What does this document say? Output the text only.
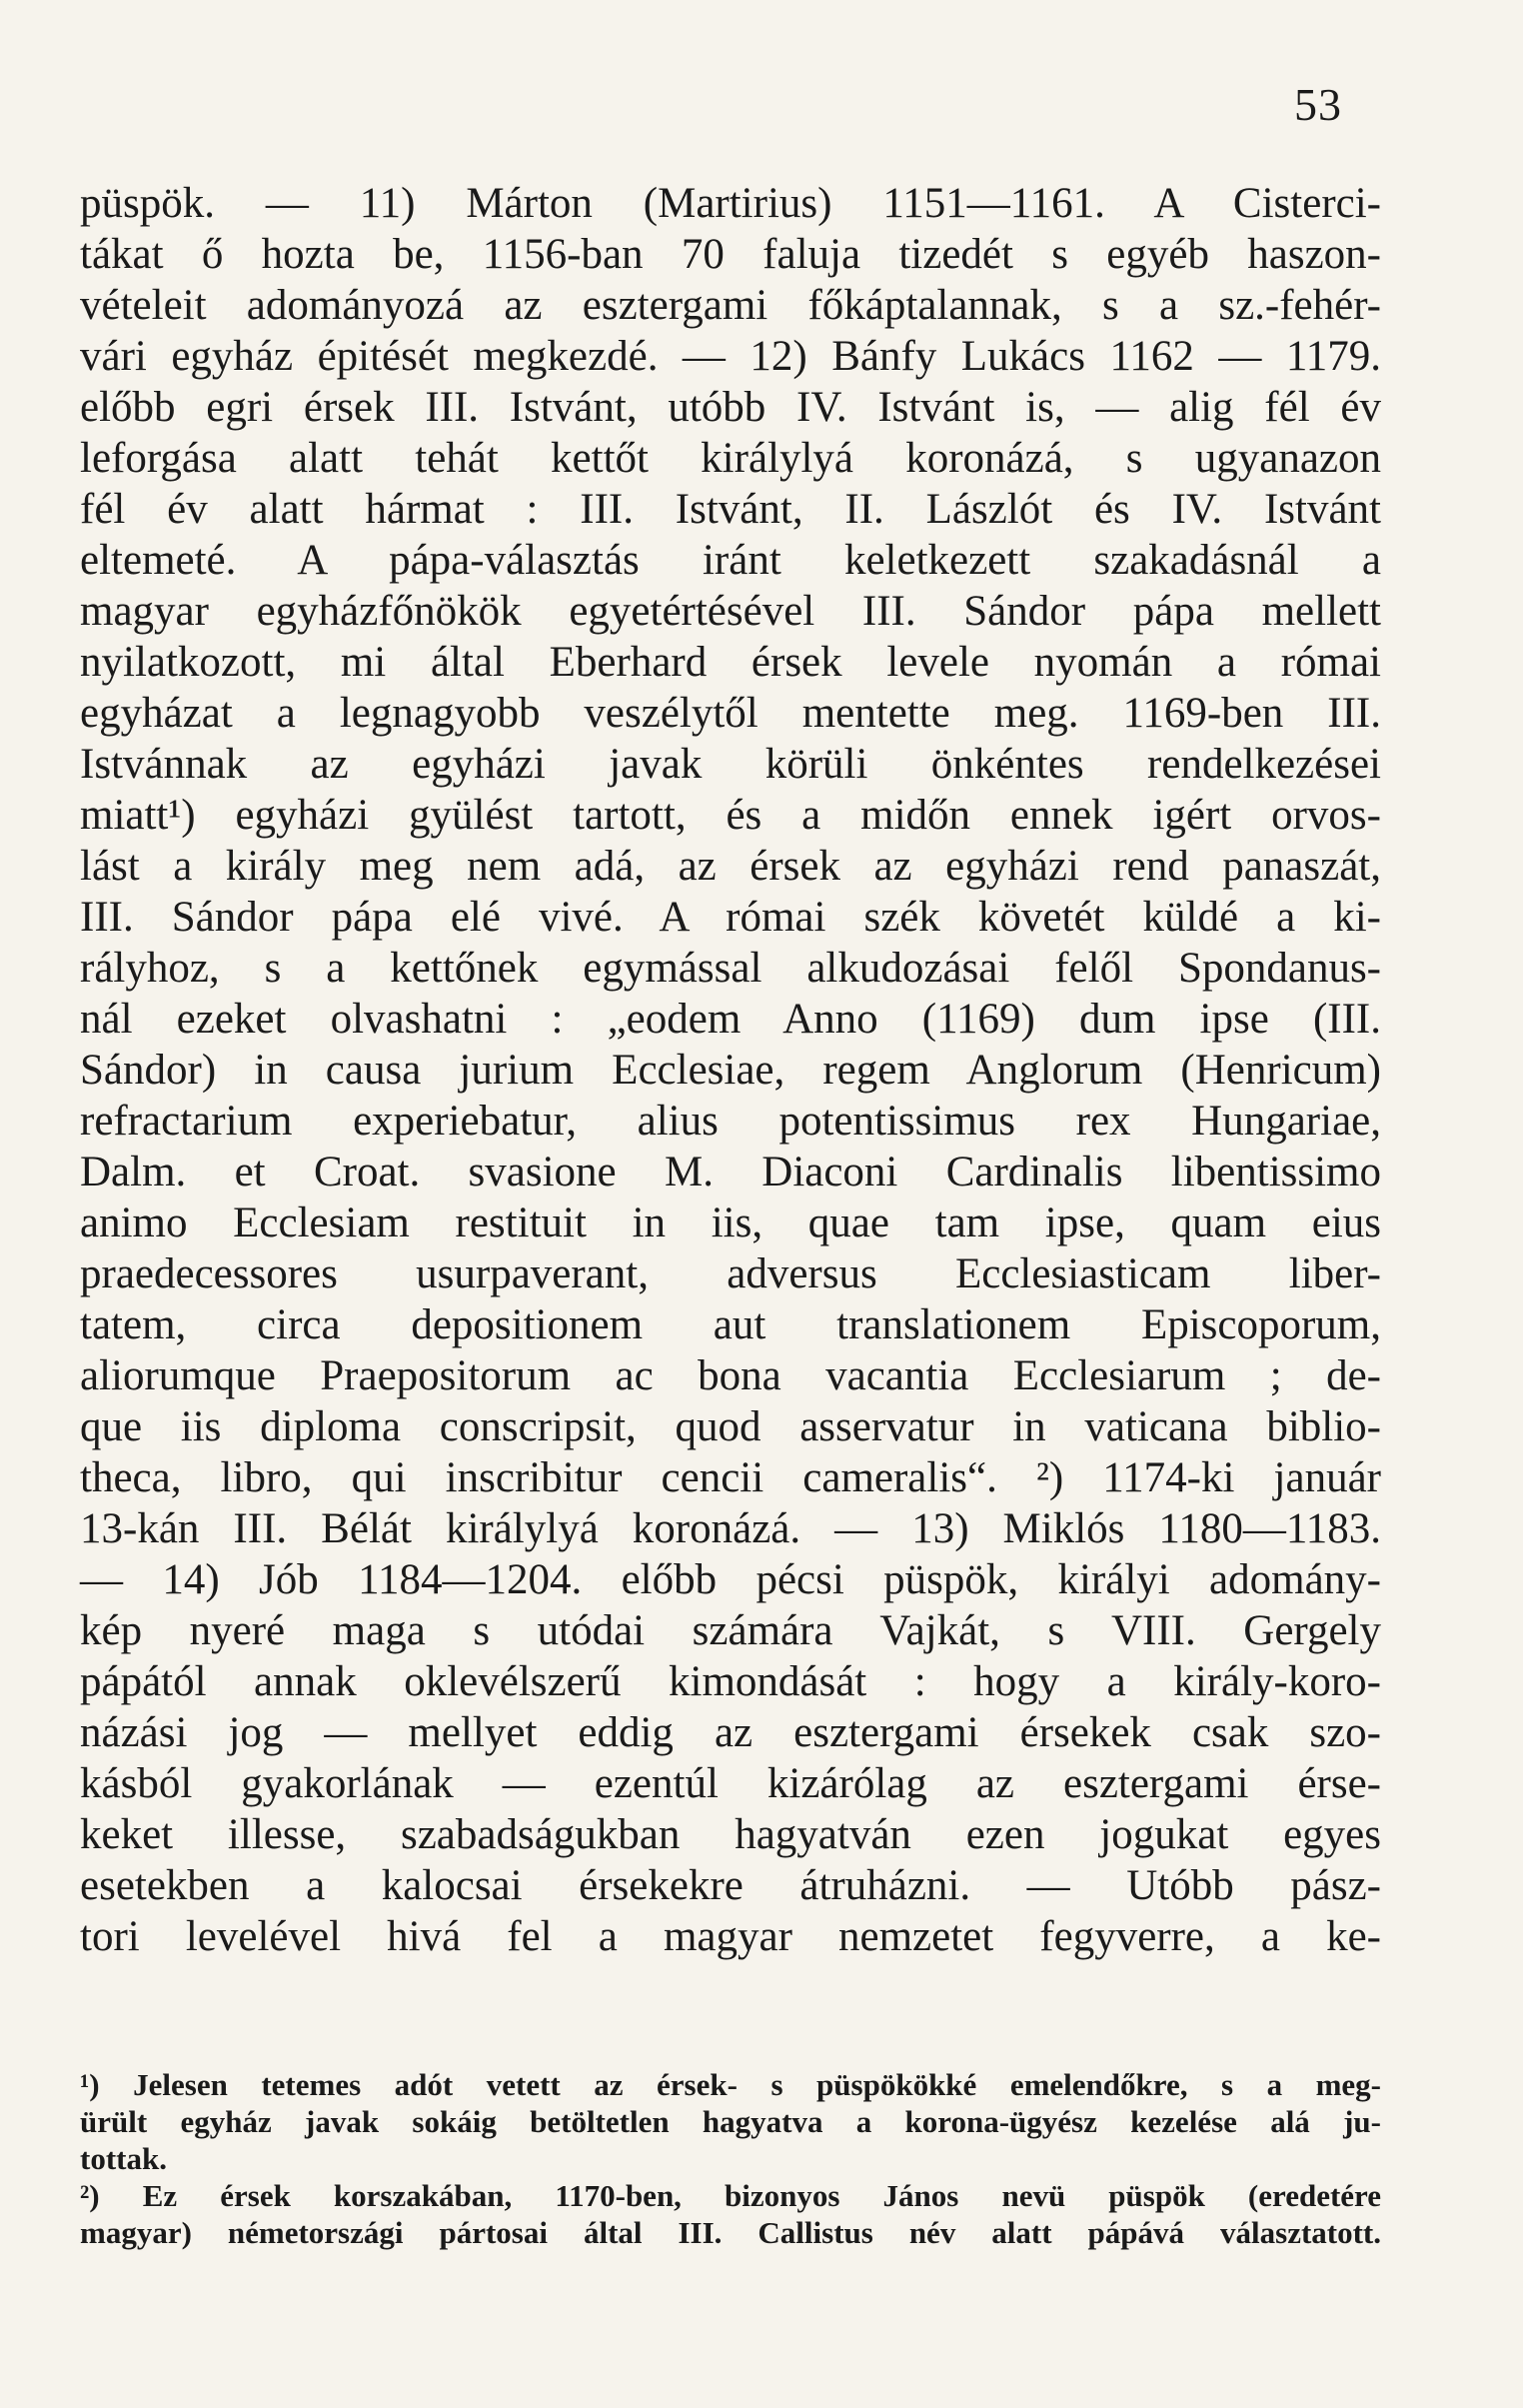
53
püspök. — 11) Márton (Martirius) 1151—1161. A Cisterci-
tákat ő hozta be, 1156-ban 70 faluja tizedét s egyéb haszon-
vételeit adományozá az esztergami főkáptalannak, s a sz.-fehér-
vári egyház épitését megkezdé. — 12) Bánfy Lukács 1162 — 1179.
előbb egri érsek III. Istvánt, utóbb IV. Istvánt is, — alig fél év
leforgása alatt tehát kettőt királylyá koronázá, s ugyanazon
fél év alatt hármat : III. Istvánt, II. Lászlót és IV. Istvánt
eltemeté. A pápa-választás iránt keletkezett szakadásnál a
magyar egyházfőnökök egyetértésével III. Sándor pápa mellett
nyilatkozott, mi által Eberhard érsek levele nyomán a római
egyházat a legnagyobb veszélytől mentette meg. 1169-ben III.
Istvánnak az egyházi javak körüli önkéntes rendelkezései
miatt¹) egyházi gyülést tartott, és a midőn ennek igért orvos-
lást a király meg nem adá, az érsek az egyházi rend panaszát,
III. Sándor pápa elé vivé. A római szék követét küldé a ki-
rályhoz, s a kettőnek egymással alkudozásai felől Spondanus-
nál ezeket olvashatni : „eodem Anno (1169) dum ipse (III.
Sándor) in causa jurium Ecclesiae, regem Anglorum (Henricum)
refractarium experiebatur, alius potentissimus rex Hungariae,
Dalm. et Croat. svasione M. Diaconi Cardinalis libentissimo
animo Ecclesiam restituit in iis, quae tam ipse, quam eius
praedecessores usurpaverant, adversus Ecclesiasticam liber-
tatem, circa depositionem aut translationem Episcoporum,
aliorumque Praepositorum ac bona vacantia Ecclesiarum ; de-
que iis diploma conscripsit, quod asservatur in vaticana biblio-
theca, libro, qui inscribitur cencii cameralis“. ²) 1174-ki január
13-kán III. Bélát királylyá koronázá. — 13) Miklós 1180—1183.
— 14) Jób 1184—1204. előbb pécsi püspök, királyi adomány-
kép nyeré maga s utódai számára Vajkát, s VIII. Gergely
pápától annak oklevélszerű kimondását : hogy a király-koro-
názási jog — mellyet eddig az esztergami érsekek csak szo-
kásból gyakorlának — ezentúl kizárólag az esztergami érse-
keket illesse, szabadságukban hagyatván ezen jogukat egyes
esetekben a kalocsai érsekekre átruházni. — Utóbb pász-
tori levelével hivá fel a magyar nemzetet fegyverre, a ke-
¹) Jelesen tetemes adót vetett az érsek- s püspökökké emelendőkre, s a meg-
ürült egyház javak sokáig betöltetlen hagyatva a korona-ügyész kezelése alá ju-
tottak.
²) Ez érsek korszakában, 1170-ben, bizonyos János nevü püspök (eredetére
magyar) németországi pártosai által III. Callistus név alatt pápává választatott.
